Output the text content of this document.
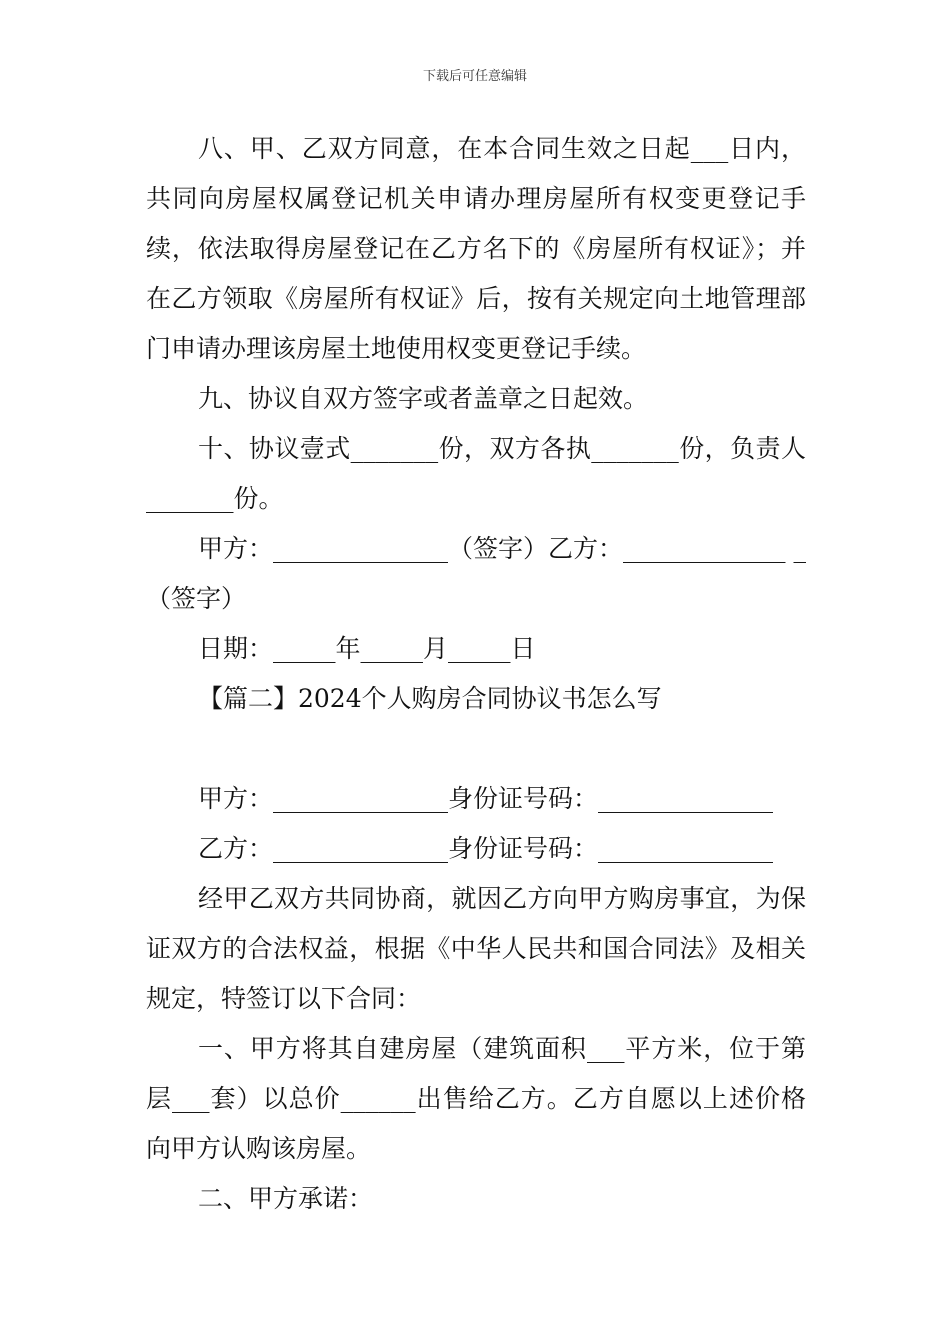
下载后可任意编辑

八、甲、乙双方同意，在本合同生效之日起___日内，共同向房屋权属登记机关申请办理房屋所有权变更登记手续，依法取得房屋登记在乙方名下的《房屋所有权证》；并在乙方领取《房屋所有权证》后，按有关规定向土地管理部门申请办理该房屋土地使用权变更登记手续。

九、协议自双方签字或者盖章之日起效。

十、协议壹式_______份，双方各执_______份，负责人_______份。

甲方：______________（签字）乙方：_____________ _（签字）

日期：_____年_____月_____日

【篇二】2024个人购房合同协议书怎么写

甲方：______________身份证号码：______________

乙方：______________身份证号码：______________

经甲乙双方共同协商，就因乙方向甲方购房事宜，为保证双方的合法权益，根据《中华人民共和国合同法》及相关规定，特签订以下合同：

一、甲方将其自建房屋（建筑面积___平方米，位于第层___套）以总价______出售给乙方。乙方自愿以上述价格向甲方认购该房屋。

二、甲方承诺：
